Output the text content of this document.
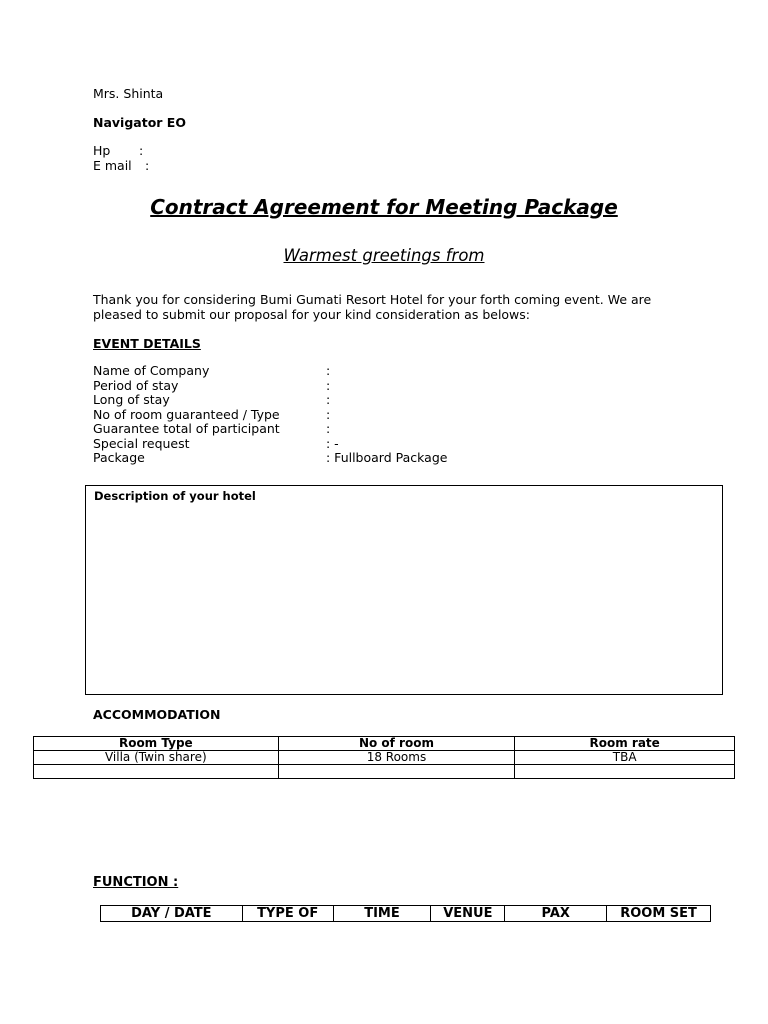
Mrs. Shinta
Navigator EO
Hp :
E mail :
Contract Agreement for Meeting Package
Warmest greetings from
Thank you for considering Bumi Gumati Resort Hotel for your forth coming event. We are pleased to submit our proposal for your kind consideration as belows:
EVENT DETAILS
Name of Company	:
Period of stay	:
Long of stay	:
No of room guaranteed / Type	:
Guarantee total of participant	:
Special request	: -
Package	: Fullboard Package
Description of your hotel
ACCOMMODATION
Room Type	No of room	Room rate
Villa (Twin share)	18 Rooms	TBA

FUNCTION :
DAY / DATE	TYPE OF	TIME	VENUE	PAX	ROOM SET
